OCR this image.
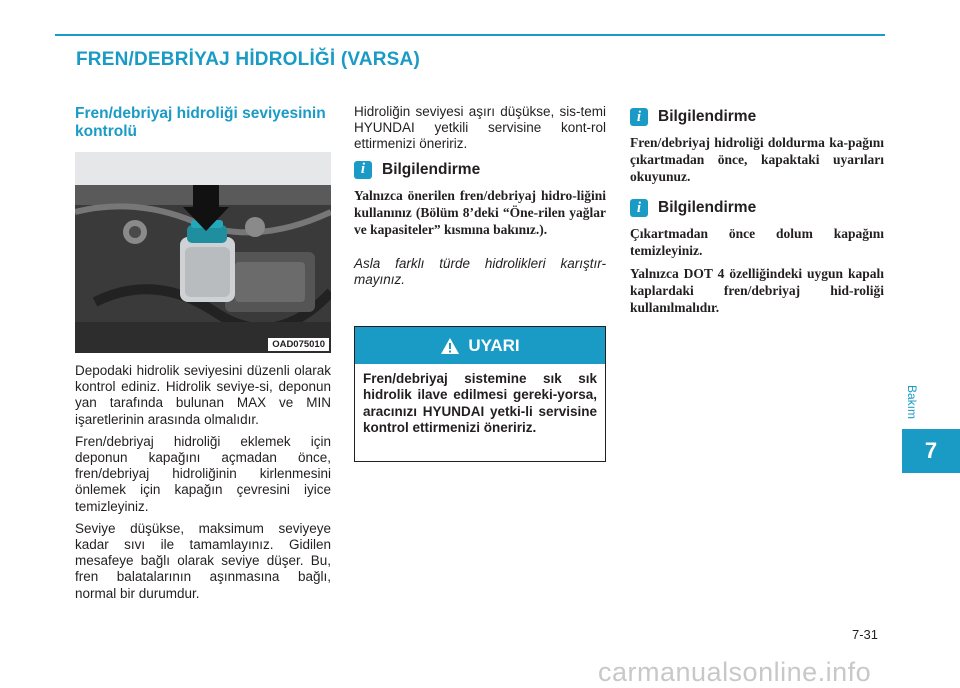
FREN/DEBRİYAJ HİDROLİĞİ (VARSA)
Fren/debriyaj hidroliği seviyesinin kontrolü
OAD075010

Depodaki hidrolik seviyesini düzenli olarak kontrol ediniz. Hidrolik seviye-si, deponun yan tarafında bulunan MAX ve MIN işaretlerinin arasında olmalıdır.

Fren/debriyaj hidroliği eklemek için deponun kapağını açmadan önce, fren/debriyaj hidroliğinin kirlenmesini önlemek için kapağın çevresini iyice temizleyiniz.

Seviye düşükse, maksimum seviyeye kadar sıvı ile tamamlayınız. Gidilen mesafeye bağlı olarak seviye düşer. Bu, fren balatalarının aşınmasına bağlı, normal bir durumdur.

Hidroliğin seviyesi aşırı düşükse, sis-temi HYUNDAI yetkili servisine kont-rol ettirmenizi öneririz.

i	Bilgilendirme

Yalnızca önerilen fren/debriyaj hidro-liğini kullanınız (Bölüm 8’deki “Öne-rilen yağlar ve kapasiteler” kısmına bakınız.).

Asla farklı türde hidrolikleri karıştır-mayınız.

UYARI
Fren/debriyaj sistemine sık sık hidrolik ilave edilmesi gereki-yorsa, aracınızı HYUNDAI yetki-li servisine kontrol ettirmenizi öneririz.
i	Bilgilendirme

Fren/debriyaj hidroliği doldurma ka-pağını çıkartmadan önce, kapaktaki uyarıları okuyunuz.

i	Bilgilendirme

Çıkartmadan önce dolum kapağını temizleyiniz.

Yalnızca DOT 4 özelliğindeki uygun kapalı kaplardaki fren/debriyaj hid-roliği kullanılmalıdır.

Bakım
7
7-31
carmanualsonline.info
